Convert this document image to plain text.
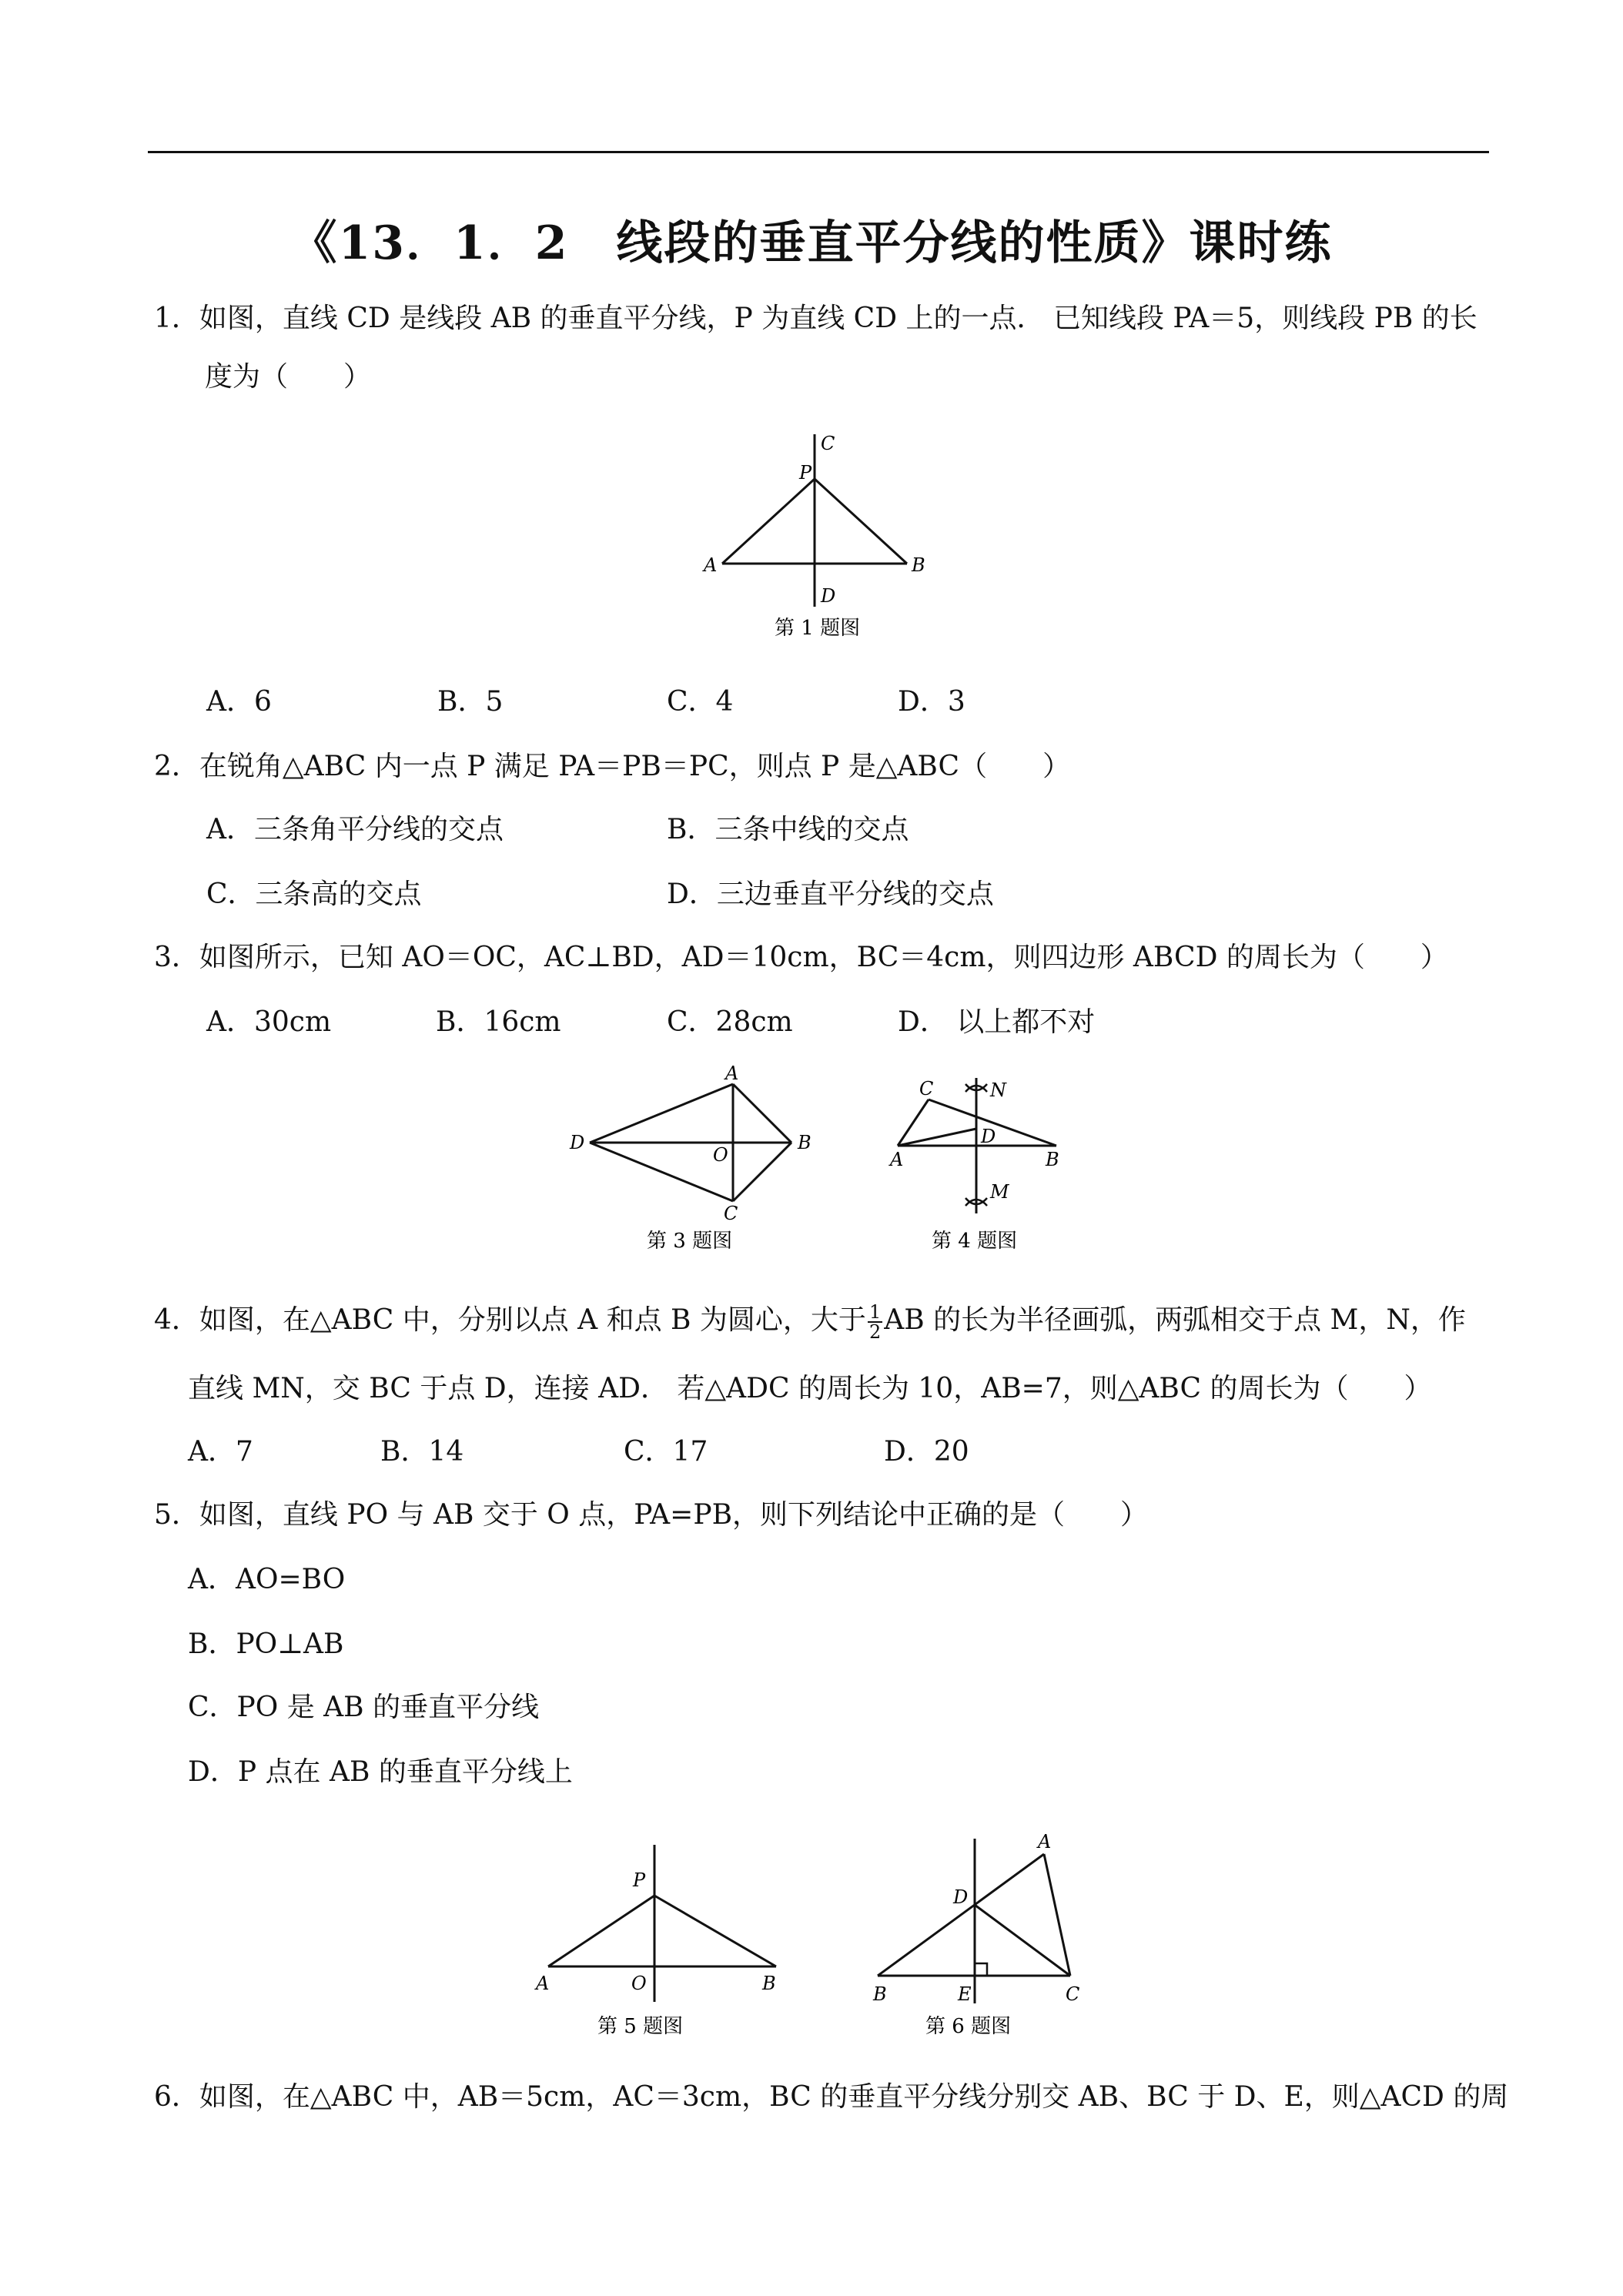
《13．1．2　线段的垂直平分线的性质》课时练
1．如图，直线 CD 是线段 AB 的垂直平分线，P 为直线 CD 上的一点． 已知线段 PA＝5，则线段 PB 的长
度为（　　）
C
P
A	B
D
第 1 题图
A．6	B．5	C．4	D．3
2．在锐角△ABC 内一点 P 满足 PA＝PB＝PC，则点 P 是△ABC（　　）
A．三条角平分线的交点	B．三条中线的交点
C．三条高的交点	D．三边垂直平分线的交点
3．如图所示，已知 AO＝OC，AC⊥BD，AD＝10cm，BC＝4cm，则四边形 ABCD 的周长为（　　）
A．30cm	B．16cm	C．28cm	D． 以上都不对
A
B
C
D
O
第 3 题图
C	N
D
A	B
M
第 4 题图
4．如图，在△ABC 中，分别以点 A 和点 B 为圆心，大于 $\frac{1}{2}$ AB 的长为半径画弧，两弧相交于点 M，N，作
直线 MN，交 BC 于点 D，连接 AD． 若△ADC 的周长为 10，AB=7，则△ABC 的周长为（　　）
A．7	B．14	C．17	D．20
5．如图，直线 PO 与 AB 交于 O 点，PA=PB，则下列结论中正确的是（　　）
A．AO=BO
B．PO⊥AB
C．PO 是 AB 的垂直平分线
D．P 点在 AB 的垂直平分线上
P
A	O	B
第 5 题图
A
D
B	E	C
第 6 题图
6．如图，在△ABC 中，AB＝5cm，AC＝3cm，BC 的垂直平分线分别交 AB、BC 于 D、E，则△ACD 的周
